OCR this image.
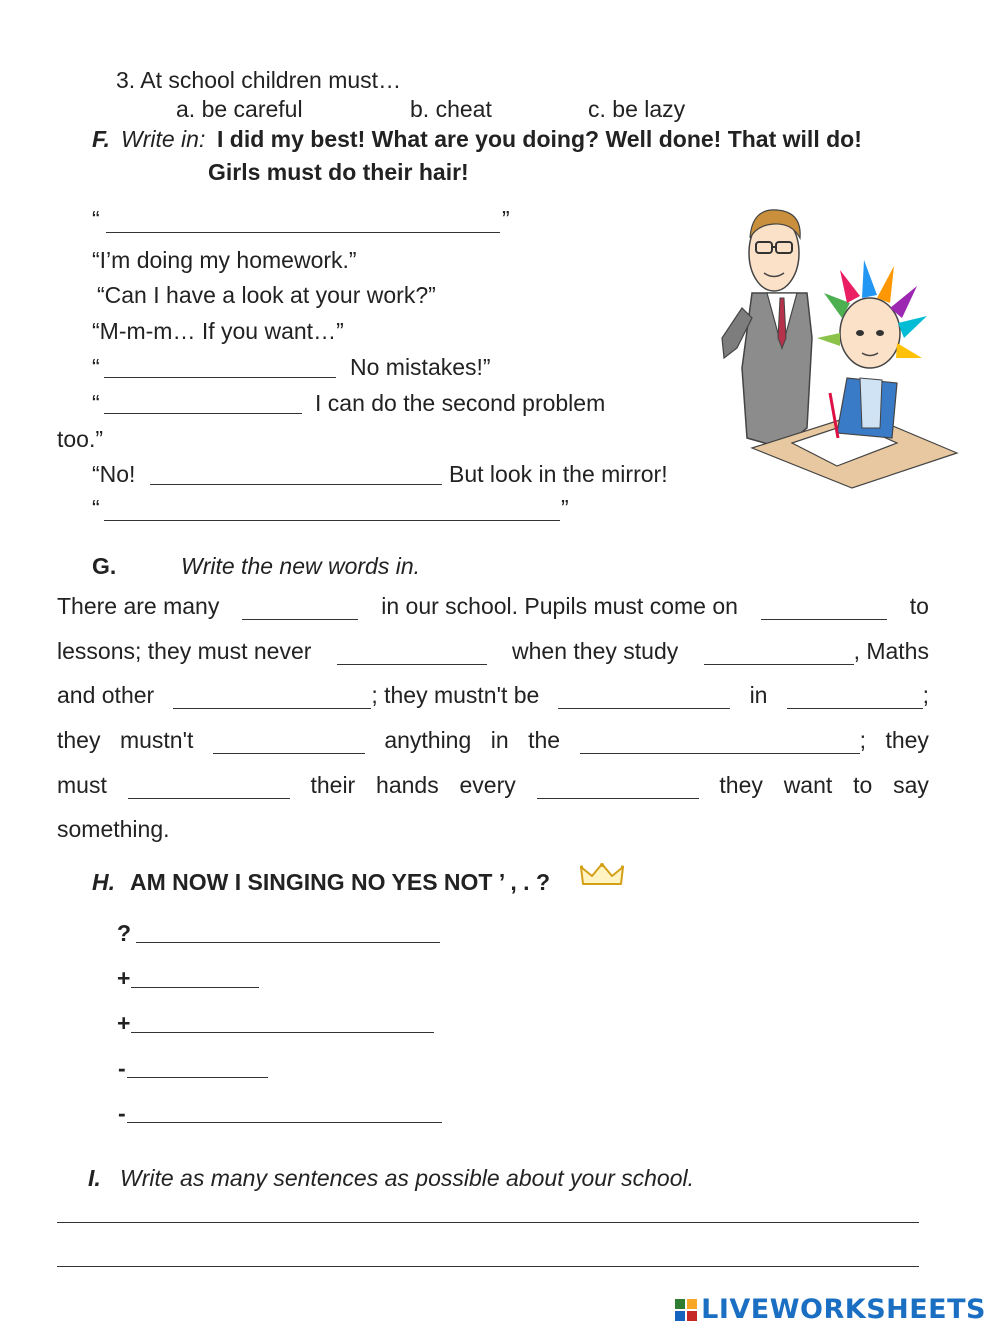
3. At school children must…
a. be careful	b. cheat	c. be lazy
F. Write in: I did my best! What are you doing? Well done! That will do!
Girls must do their hair!
“	”
“I’m doing my homework.”
“Can I have a look at your work?”
“M-m-m… If you want…”
“	No mistakes!”
“	I can do the second problem
too.”
“No!	But look in the mirror!
“	”
G.	Write the new words in.
There are many	in our school. Pupils must come on	to
lessons; they must never	when they study	, Maths
and other	; they mustn't be	in	;
they mustn't	anything in the	; they
must	their hands every	they want to say
something.
H. AM NOW I SINGING NO YES NOT ’ , . ?
?
+
+
-
-
I. Write as many sentences as possible about your school.
LIVEWORKSHEETS
